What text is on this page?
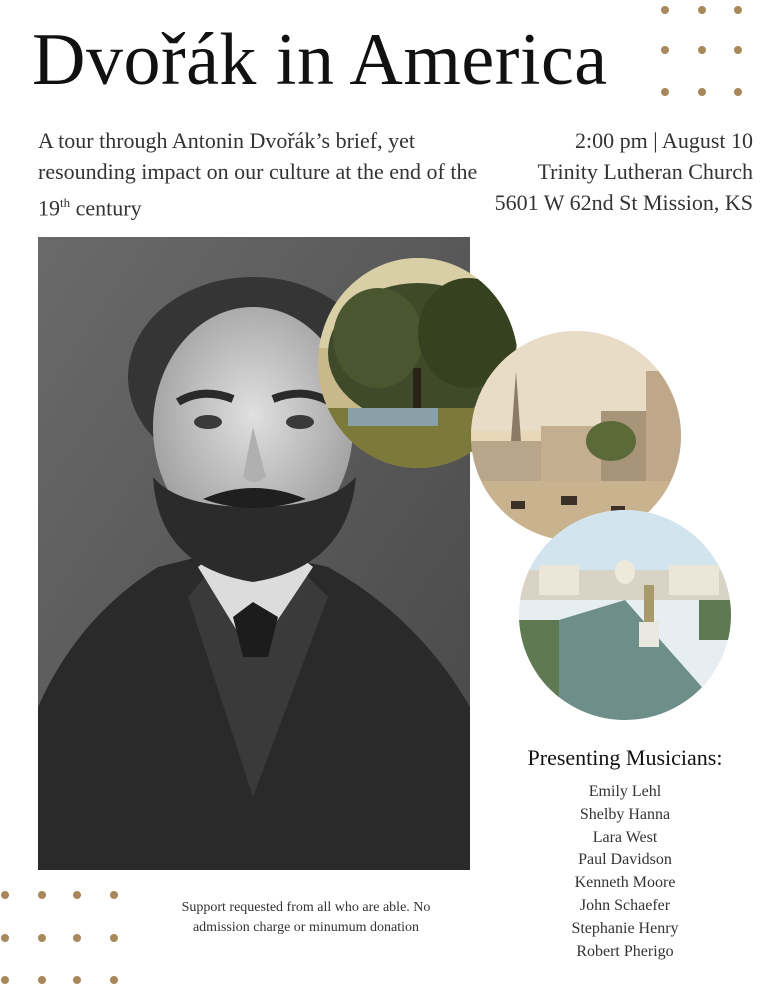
Dvořák in America
A tour through Antonin Dvořák’s brief, yet resounding impact on our culture at the end of the 19th century
2:00 pm | August 10
Trinity Lutheran Church
5601 W 62nd St Mission, KS
Presenting Musicians:
Emily Lehl
Shelby Hanna
Lara West
Paul Davidson
Kenneth Moore
John Schaefer
Stephanie Henry
Robert Pherigo
Support requested from all who are able. No admission charge or minumum donation
